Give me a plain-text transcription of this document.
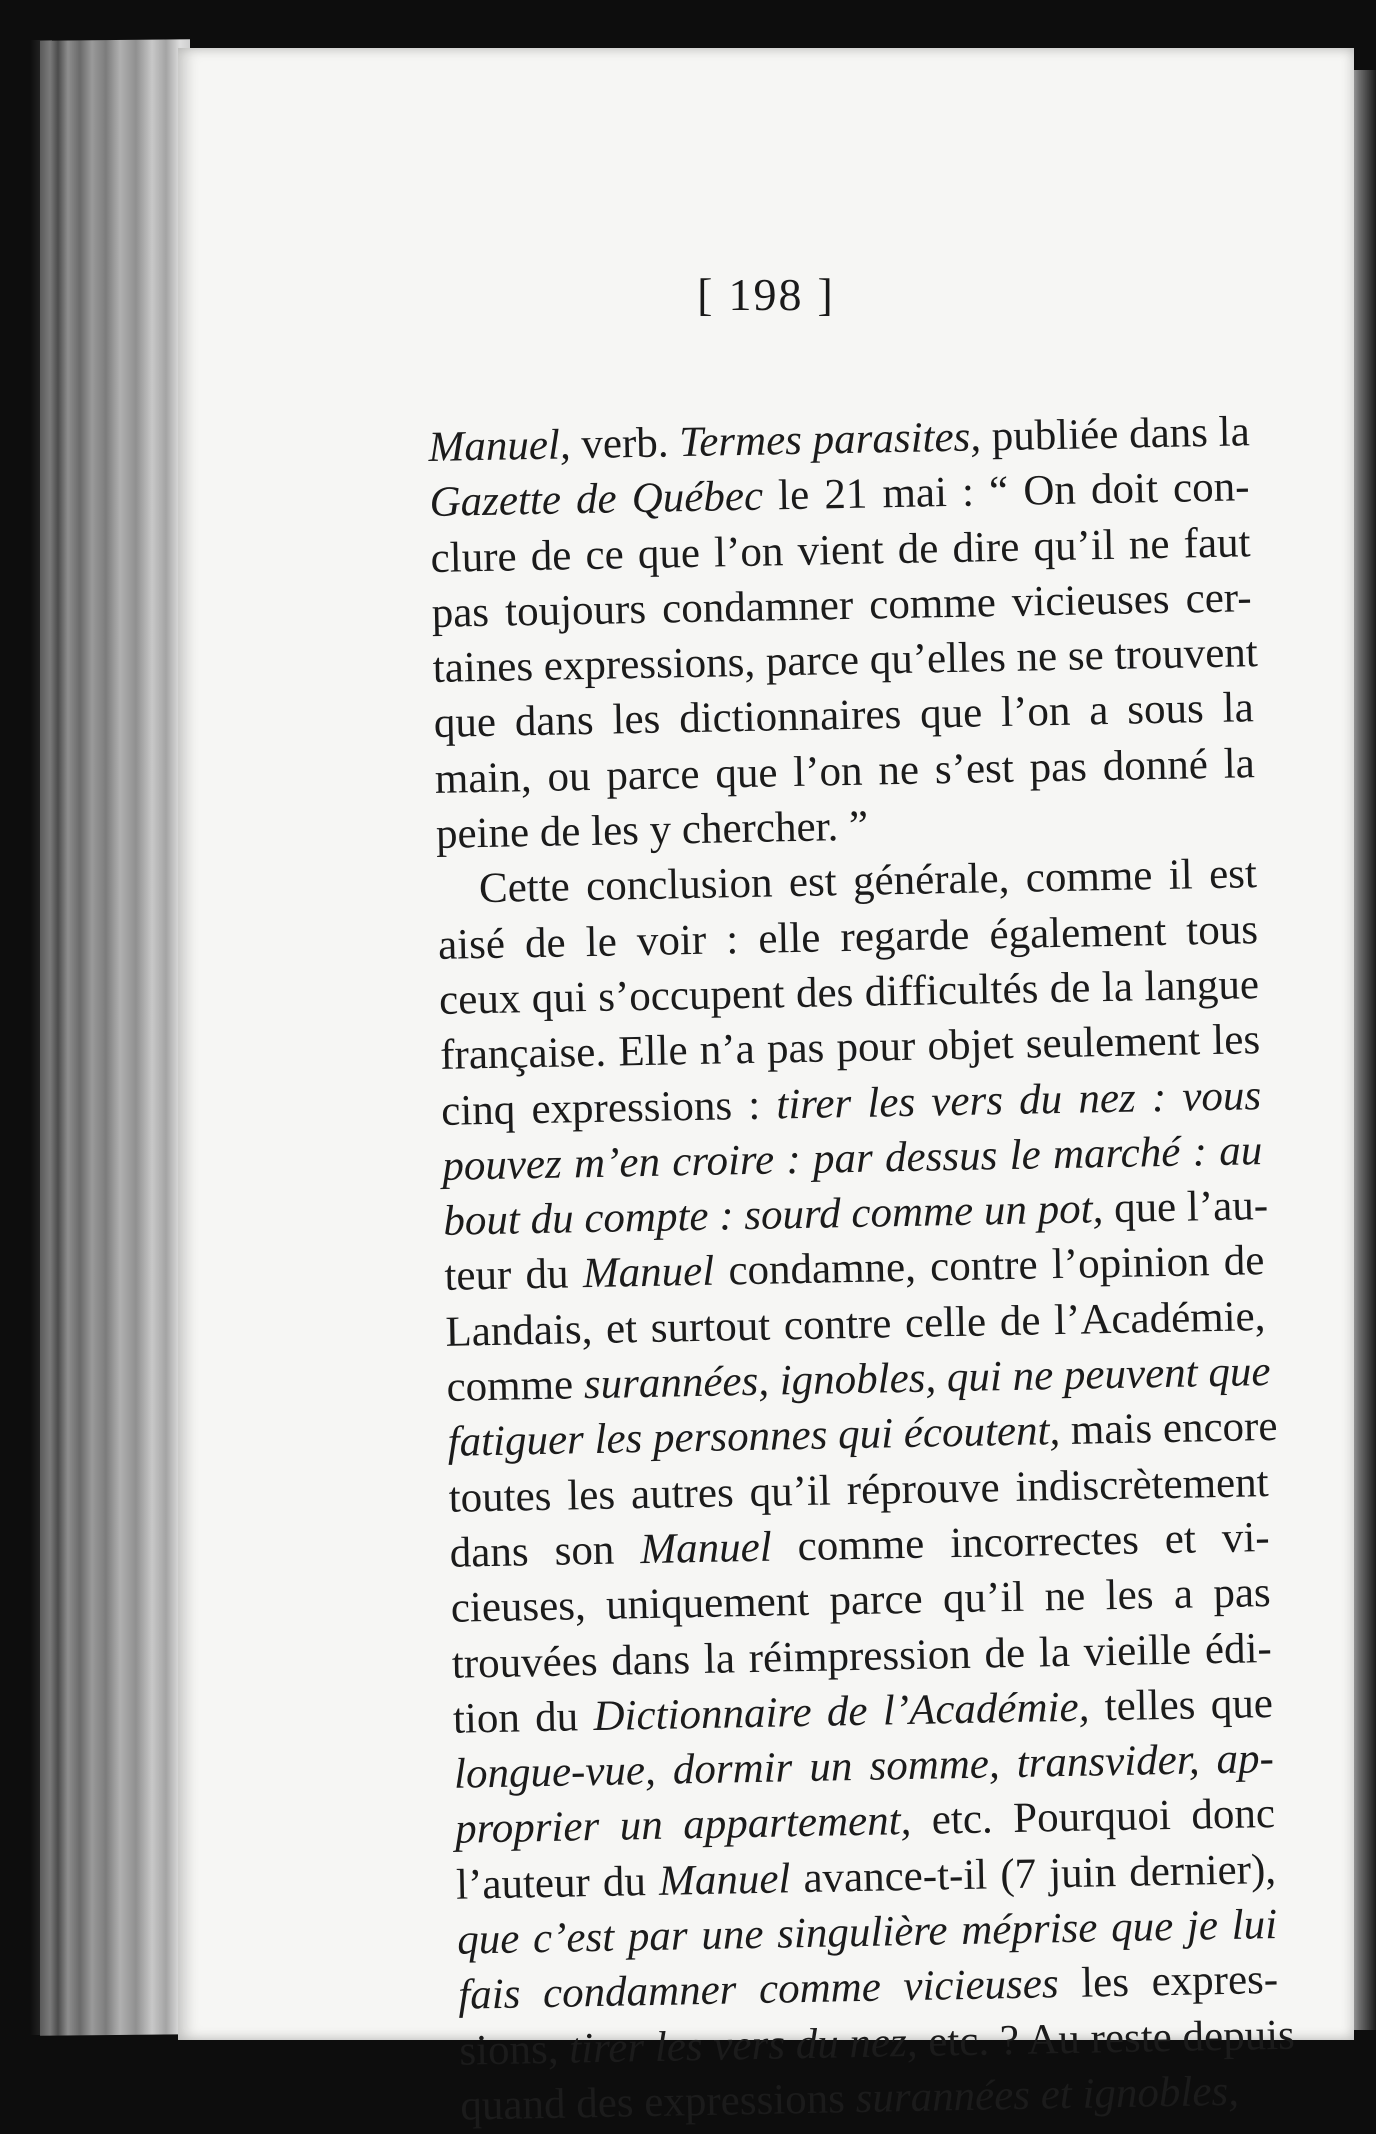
[ 198 ]
Manuel, verb. Termes parasites, publiée dans la
Gazette de Québec le 21 mai : “ On doit con-
clure de ce que l’on vient de dire qu’il ne faut
pas toujours condamner comme vicieuses cer-
taines expressions, parce qu’elles ne se trouvent
que dans les dictionnaires que l’on a sous la
main, ou parce que l’on ne s’est pas donné la
peine de les y chercher. ”
Cette conclusion est générale, comme il est
aisé de le voir : elle regarde également tous
ceux qui s’occupent des difficultés de la langue
française. Elle n’a pas pour objet seulement les
cinq expressions : tirer les vers du nez : vous
pouvez m’en croire : par dessus le marché : au
bout du compte : sourd comme un pot, que l’au-
teur du Manuel condamne, contre l’opinion de
Landais, et surtout contre celle de l’Académie,
comme surannées, ignobles, qui ne peuvent que
fatiguer les personnes qui écoutent, mais encore
toutes les autres qu’il réprouve indiscrètement
dans son Manuel comme incorrectes et vi-
cieuses, uniquement parce qu’il ne les a pas
trouvées dans la réimpression de la vieille édi-
tion du Dictionnaire de l’Académie, telles que
longue-vue, dormir un somme, transvider, ap-
proprier un appartement, etc. Pourquoi donc
l’auteur du Manuel avance-t-il (7 juin dernier),
que c’est par une singulière méprise que je lui
fais condamner comme vicieuses les expres-
sions, tirer les vers du nez, etc. ? Au reste depuis
quand des expressions surannées et ignobles,
